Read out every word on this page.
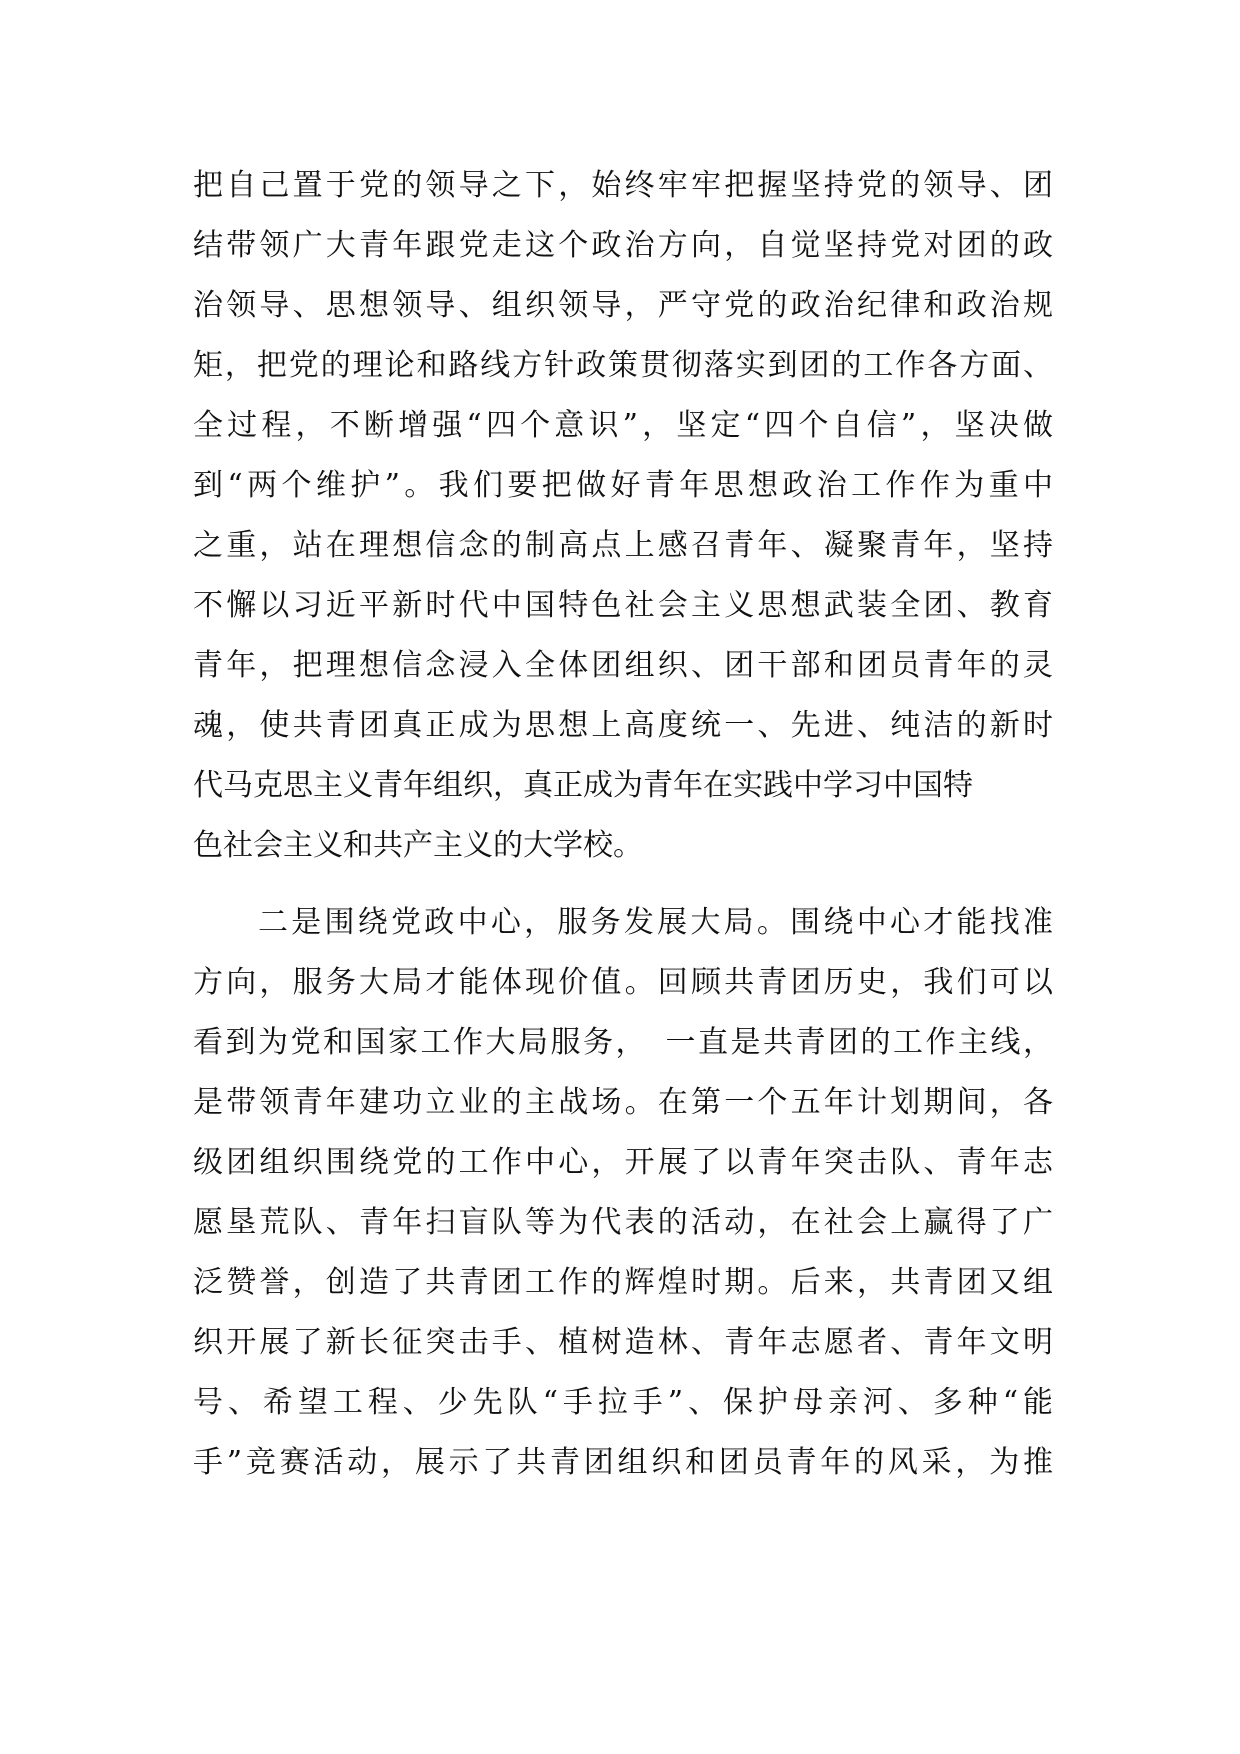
把自己置于党的领导之下，始终牢牢把握坚持党的领导、团
结带领广大青年跟党走这个政治方向，自觉坚持党对团的政
治领导、思想领导、组织领导，严守党的政治纪律和政治规
矩，把党的理论和路线方针政策贯彻落实到团的工作各方面、
全过程，不断增强“四个意识”，坚定“四个自信”，坚决做
到“两个维护”。我们要把做好青年思想政治工作作为重中
之重，站在理想信念的制高点上感召青年、凝聚青年，坚持
不懈以习近平新时代中国特色社会主义思想武装全团、教育
青年，把理想信念浸入全体团组织、团干部和团员青年的灵
魂，使共青团真正成为思想上高度统一、先进、纯洁的新时
代马克思主义青年组织，真正成为青年在实践中学习中国特
色社会主义和共产主义的大学校。
二是围绕党政中心，服务发展大局。围绕中心才能找准
方向，服务大局才能体现价值。回顾共青团历史，我们可以
看到为党和国家工作大局服务，　一直是共青团的工作主线，
是带领青年建功立业的主战场。在第一个五年计划期间，各
级团组织围绕党的工作中心，开展了以青年突击队、青年志
愿垦荒队、青年扫盲队等为代表的活动，在社会上赢得了广
泛赞誉，创造了共青团工作的辉煌时期。后来，共青团又组
织开展了新长征突击手、植树造林、青年志愿者、青年文明
号、希望工程、少先队“手拉手”、保护母亲河、多种“能
手”竞赛活动，展示了共青团组织和团员青年的风采，为推
